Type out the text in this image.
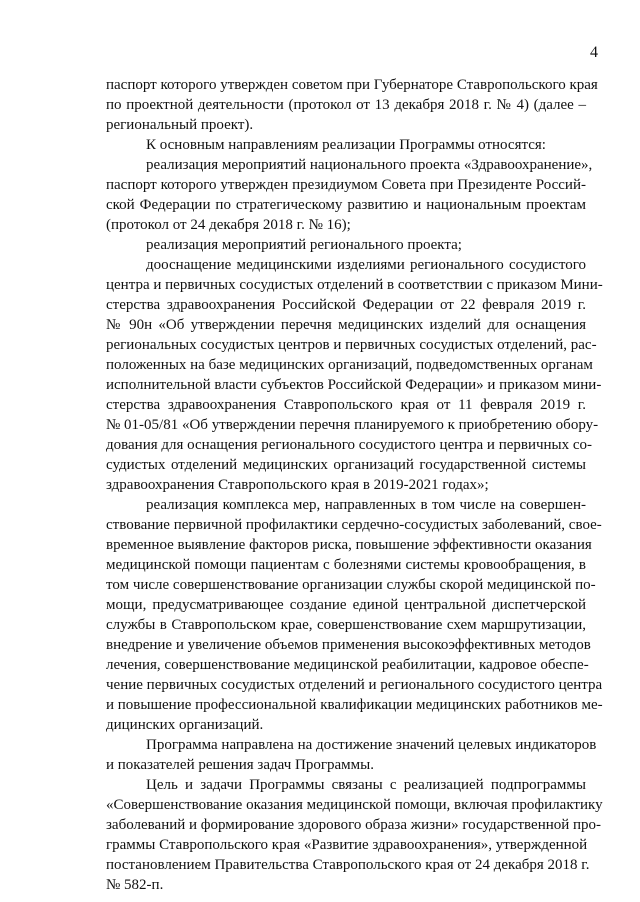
4
паспорт которого утвержден советом при Губернаторе Ставропольского края
по проектной деятельности (протокол от 13 декабря 2018 г. № 4) (далее –
региональный проект).
К основным направлениям реализации Программы относятся:
реализация мероприятий национального проекта «Здравоохранение»,
паспорт которого утвержден президиумом Совета при Президенте Россий-
ской Федерации по стратегическому развитию и национальным проектам
(протокол от 24 декабря 2018 г. № 16);
реализация мероприятий регионального проекта;
дооснащение медицинскими изделиями регионального сосудистого
центра и первичных сосудистых отделений в соответствии с приказом Мини-
стерства здравоохранения Российской Федерации от 22 февраля 2019 г.
№ 90н «Об утверждении перечня медицинских изделий для оснащения
региональных сосудистых центров и первичных сосудистых отделений, рас-
положенных на базе медицинских организаций, подведомственных органам
исполнительной власти субъектов Российской Федерации» и приказом мини-
стерства здравоохранения Ставропольского края от 11 февраля 2019 г.
№ 01-05/81 «Об утверждении перечня планируемого к приобретению обору-
дования для оснащения регионального сосудистого центра и первичных со-
судистых отделений медицинских организаций государственной системы
здравоохранения Ставропольского края в 2019-2021 годах»;
реализация комплекса мер, направленных в том числе на совершен-
ствование первичной профилактики сердечно-сосудистых заболеваний, свое-
временное выявление факторов риска, повышение эффективности оказания
медицинской помощи пациентам с болезнями системы кровообращения, в
том числе совершенствование организации службы скорой медицинской по-
мощи, предусматривающее создание единой центральной диспетчерской
службы в Ставропольском крае, совершенствование схем маршрутизации,
внедрение и увеличение объемов применения высокоэффективных методов
лечения, совершенствование медицинской реабилитации, кадровое обеспе-
чение первичных сосудистых отделений и регионального сосудистого центра
и повышение профессиональной квалификации медицинских работников ме-
дицинских организаций.
Программа направлена на достижение значений целевых индикаторов
и показателей решения задач Программы.
Цель и задачи Программы связаны с реализацией подпрограммы
«Совершенствование оказания медицинской помощи, включая профилактику
заболеваний и формирование здорового образа жизни» государственной про-
граммы Ставропольского края «Развитие здравоохранения», утвержденной
постановлением Правительства Ставропольского края от 24 декабря 2018 г.
№ 582-п.
